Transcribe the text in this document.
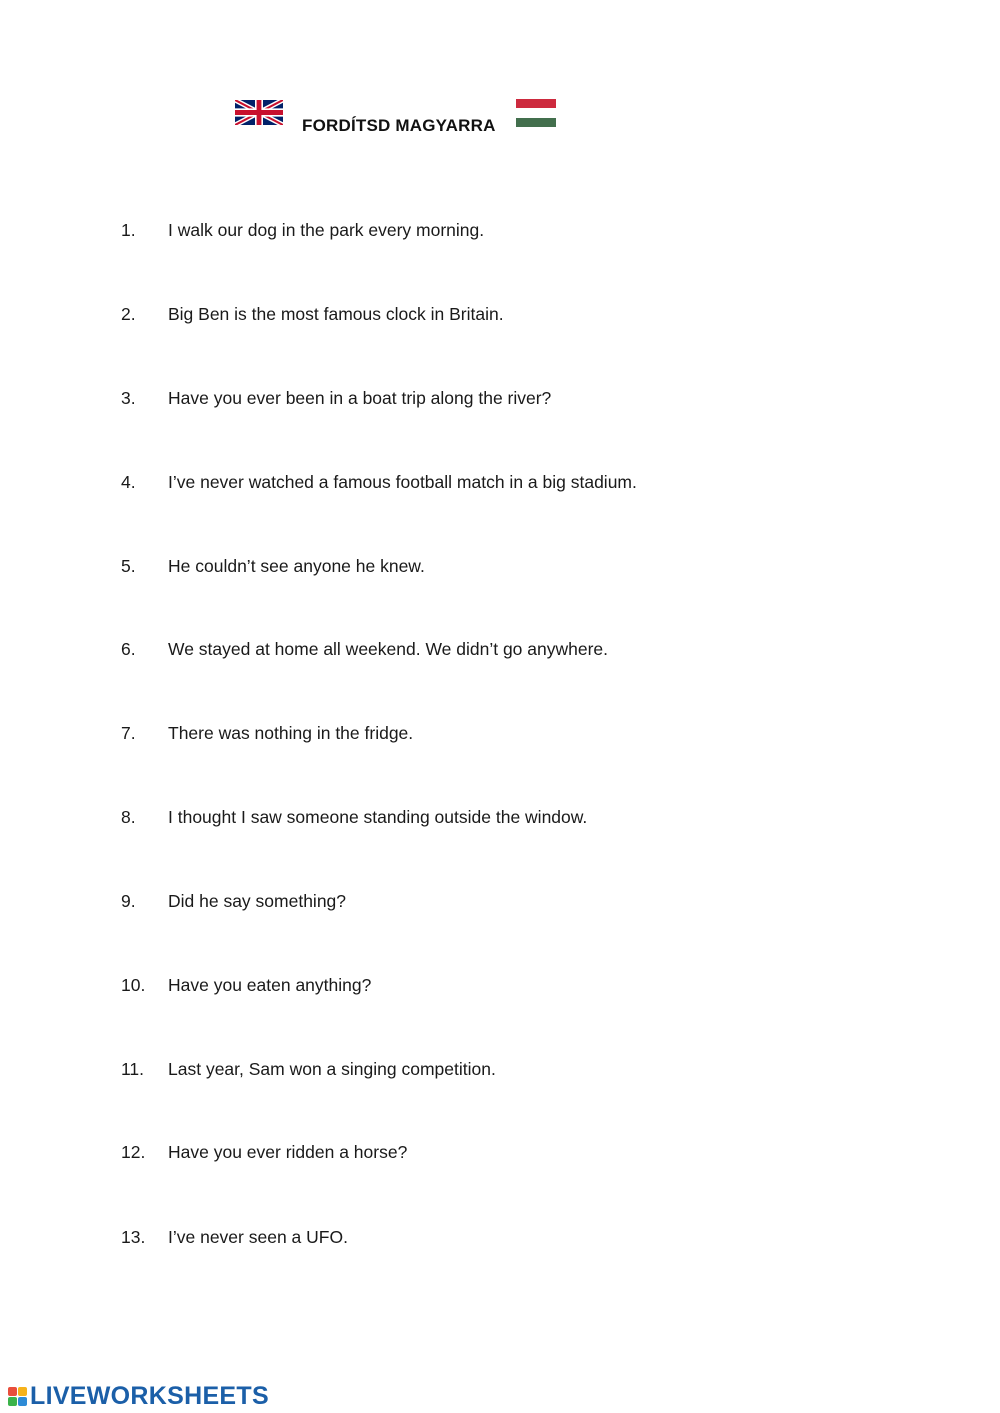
FORDÍTSD MAGYARRA
1. I walk our dog in the park every morning.
2. Big Ben is the most famous clock in Britain.
3. Have you ever been in a boat trip along the river?
4. I’ve never watched a famous football match in a big stadium.
5. He couldn’t see anyone he knew.
6. We stayed at home all weekend. We didn’t go anywhere.
7. There was nothing in the fridge.
8. I thought I saw someone standing outside the window.
9. Did he say something?
10. Have you eaten anything?
11. Last year, Sam won a singing competition.
12. Have you ever ridden a horse?
13. I’ve never seen a UFO.
LIVEWORKSHEETS
